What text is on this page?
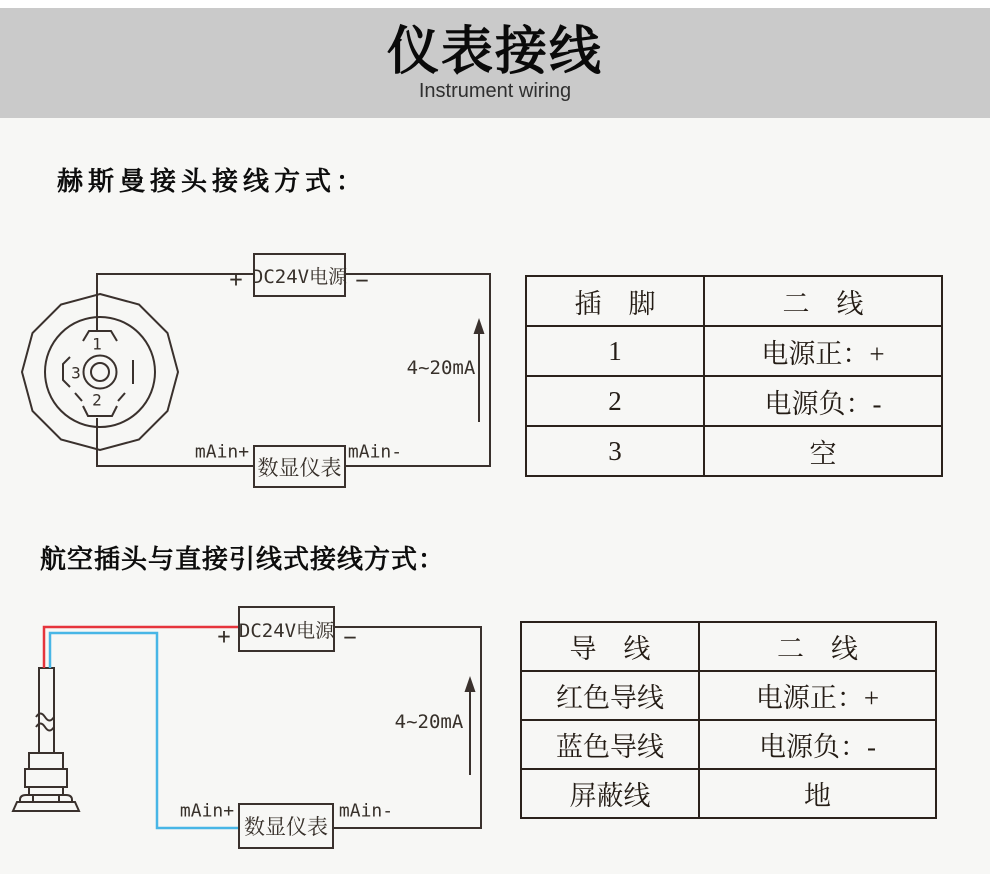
仪表接线
Instrument wiring
赫斯曼接头接线方式：
航空插头与直接引线式接线方式：
DC24V电源
数显仪表
+	−
mAin+	mAin-
4~20mA
1
2
3
DC24V电源
数显仪表
+	−
mAin+	mAin-
4~20mA
插　脚	二　线
1	电源正：+
2	电源负：-
3	空
导　线	二　线
红色导线	电源正：+
蓝色导线	电源负：-
屏蔽线	地
